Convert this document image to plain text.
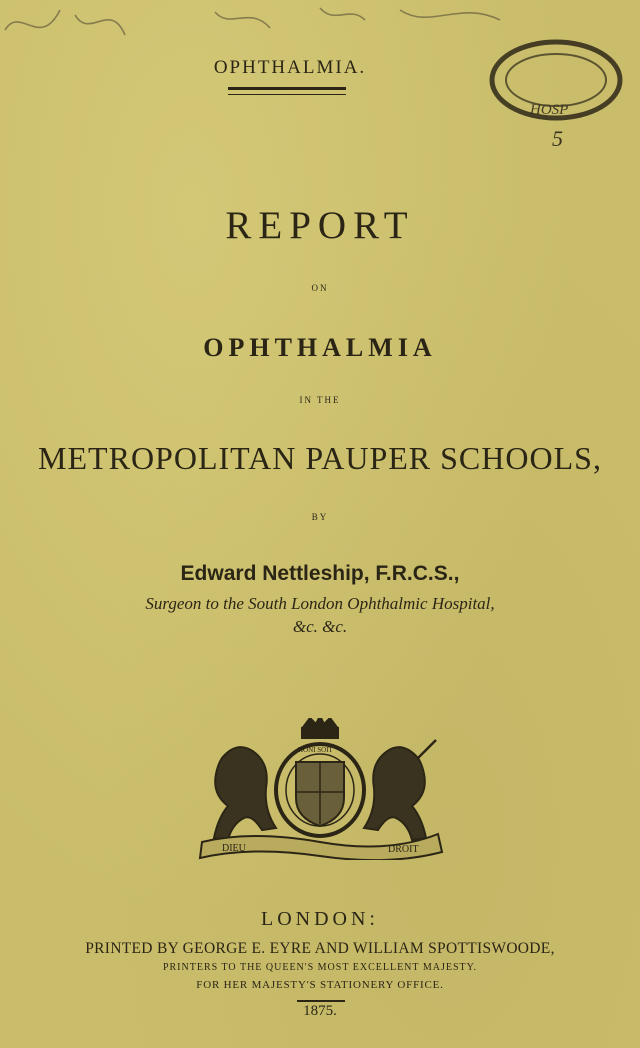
OPHTHALMIA.
HOSP
5
REPORT
ON
OPHTHALMIA
IN THE
METROPOLITAN PAUPER SCHOOLS,
BY
Edward Nettleship, F.R.C.S.,
Surgeon to the South London Ophthalmic Hospital,
&c. &c.
DIEU	DROIT
HONI SOIT
LONDON:
PRINTED BY GEORGE E. EYRE AND WILLIAM SPOTTISWOODE,
PRINTERS TO THE QUEEN'S MOST EXCELLENT MAJESTY.
FOR HER MAJESTY'S STATIONERY OFFICE.
1875.
